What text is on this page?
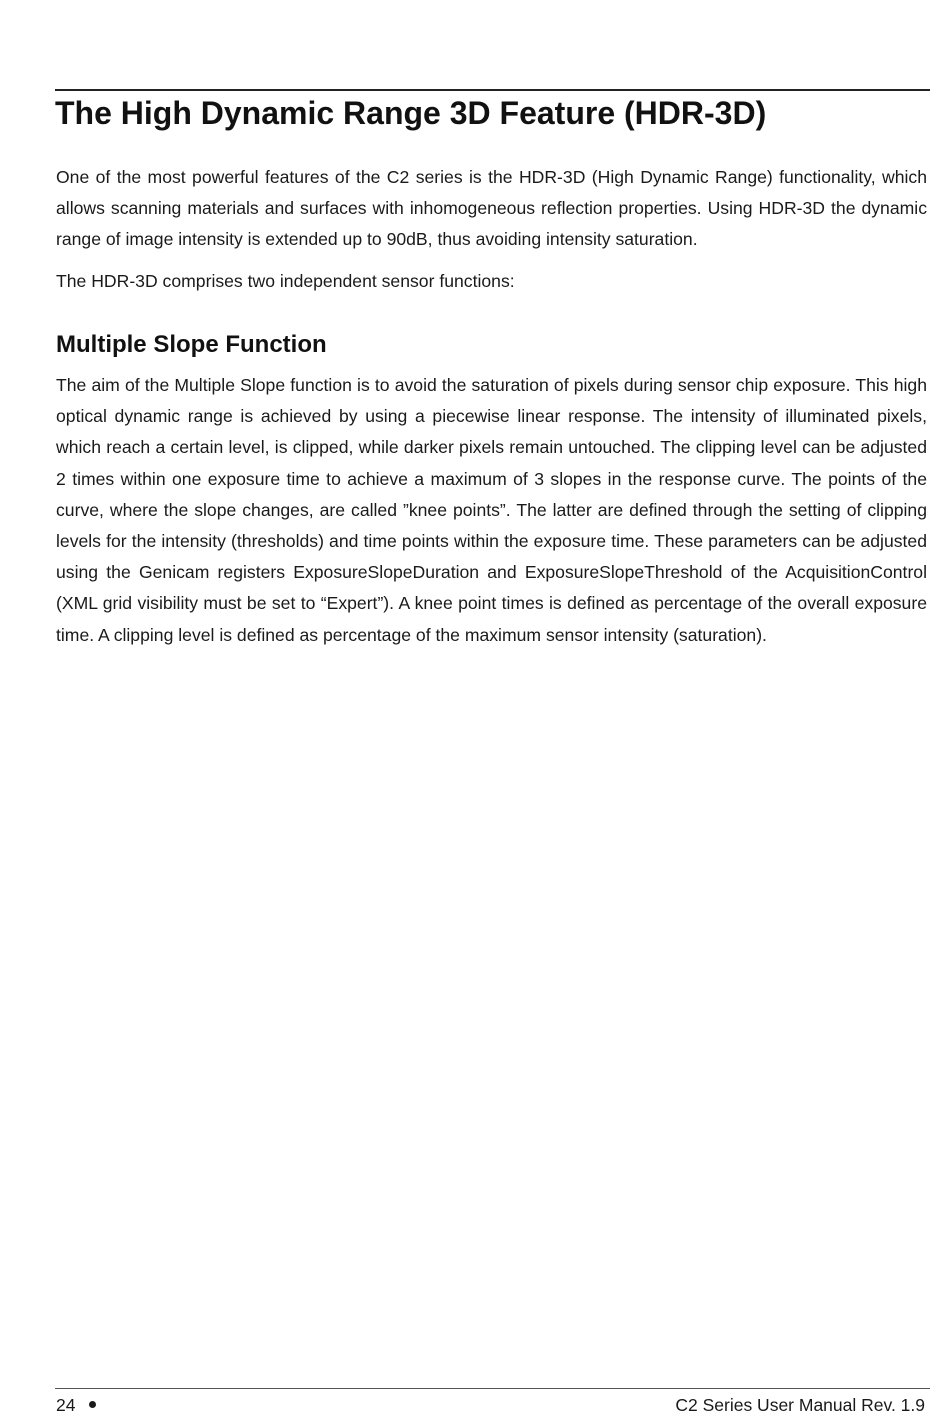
The High Dynamic Range 3D Feature (HDR-3D)

One of the most powerful features of the C2 series is the HDR-3D (High Dynamic Range) functionality, which allows scanning materials and surfaces with inhomogeneous reflection properties. Using HDR-3D the dynamic range of image intensity is extended up to 90dB, thus avoiding intensity saturation.

The HDR-3D comprises two independent sensor functions:

Multiple Slope Function

The aim of the Multiple Slope function is to avoid the saturation of pixels during sensor chip exposure. This high optical dynamic range is achieved by using a piecewise linear response. The intensity of illuminated pixels, which reach a certain level, is clipped, while darker pixels remain untouched. The clipping level can be adjusted 2 times within one exposure time to achieve a maximum of 3 slopes in the response curve. The points of the curve, where the slope changes, are called ”knee points”. The latter are defined through the setting of clipping levels for the intensity (thresholds) and time points within the exposure time. These parameters can be adjusted using the Genicam registers ExposureSlopeDuration and ExposureSlopeThreshold of the AcquisitionControl (XML grid visibility must be set to “Expert”). A knee point times is defined as percentage of the overall exposure time. A clipping level is defined as percentage of the maximum sensor intensity (saturation).

24	C2 Series User Manual Rev. 1.9
